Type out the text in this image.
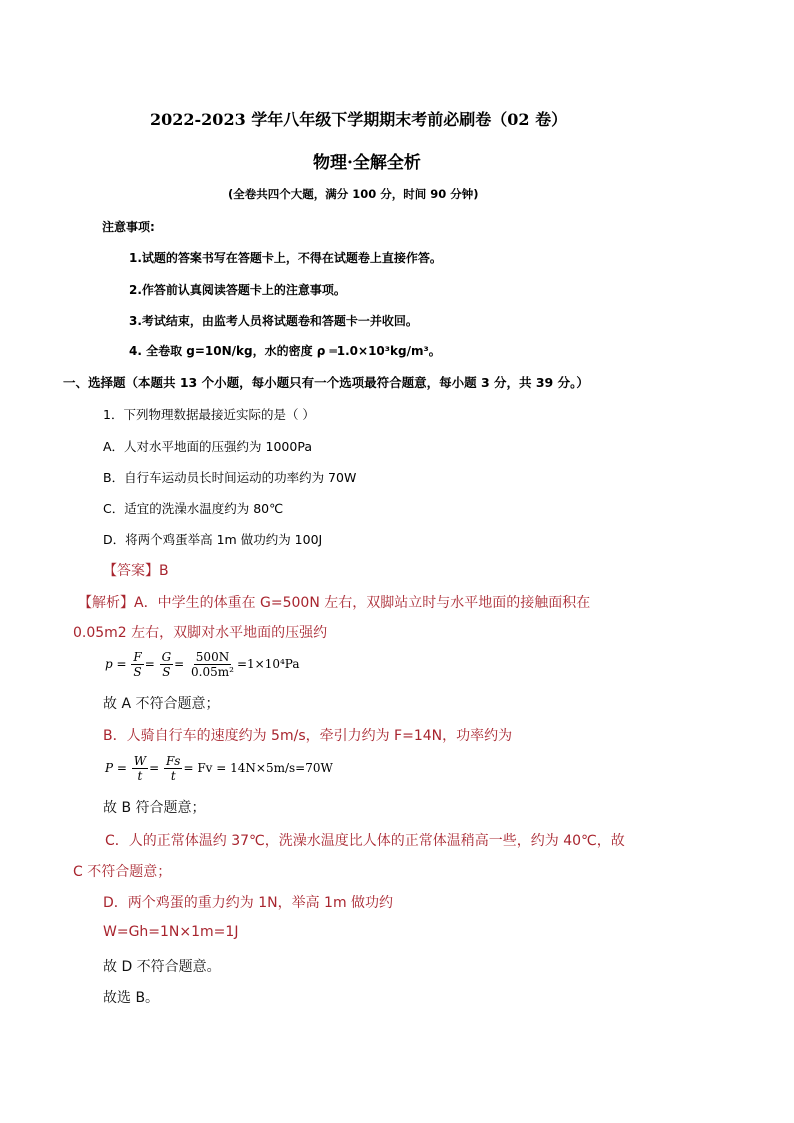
2022-2023 学年八年级下学期期末考前必刷卷（02 卷）
物理·全解全析
(全卷共四个大题，满分 100 分，时间 90 分钟)
注意事项:
1.试题的答案书写在答题卡上，不得在试题卷上直接作答。
2.作答前认真阅读答题卡上的注意事项。
3.考试结束，由监考人员将试题卷和答题卡一并收回。
4. 全卷取 g=10N/kg，水的密度 ρ ═1.0×10³kg/m³。
一、选择题（本题共 13 个小题，每小题只有一个选项最符合题意，每小题 3 分，共 39 分。）
1．下列物理数据最接近实际的是（ ）
A．人对水平地面的压强约为 1000Pa
B．自行车运动员长时间运动的功率约为 70W
C．适宜的洗澡水温度约为 80℃
D．将两个鸡蛋举高 1m 做功约为 100J
【答案】B
【解析】A．中学生的体重在 G=500N 左右，双脚站立时与水平地面的接触面积在
0.05m2 左右，双脚对水平地面的压强约
$p = \frac{F}{S} = \frac{G}{S} = \frac{500N}{\text{0.05m²}} =1\times 10^4Pa$
故 A 不符合题意；
B．人骑自行车的速度约为 5m/s，牵引力约为 F=14N，功率约为
$P = \frac{W}{t} = \frac{Fs}{t} = Fv = 14N\times 5m/s=70W$
故 B 符合题意；
C．人的正常体温约 37℃，洗澡水温度比人体的正常体温稍高一些，约为 40℃，故
C 不符合题意；
D．两个鸡蛋的重力约为 1N，举高 1m 做功约
W=Gh=1N×1m=1J
故 D 不符合题意。
故选 B。
